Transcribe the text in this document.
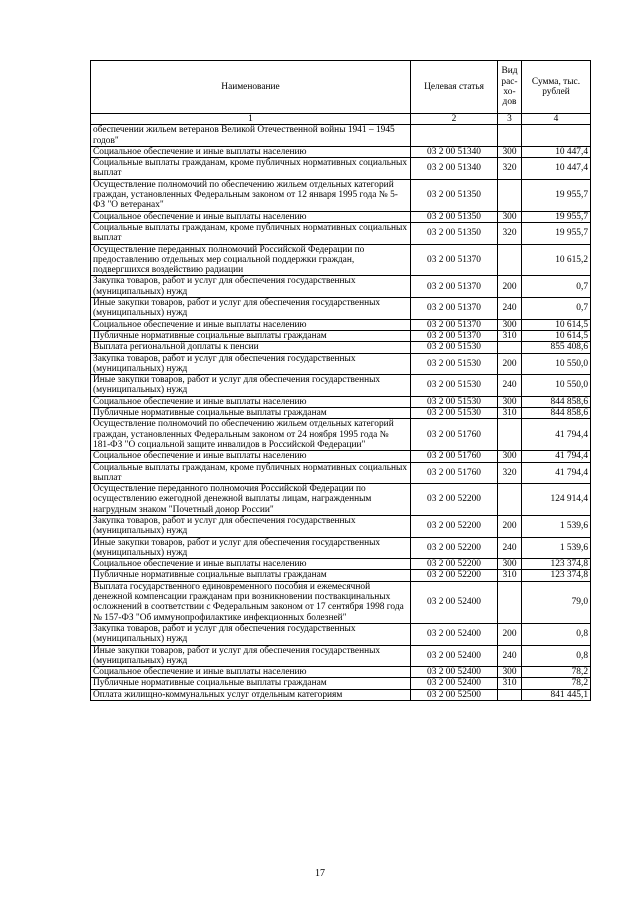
Наименование	Целевая статья	Вид рас-хо-дов	Сумма, тыс. рублей
1	2	3	4
обеспечении жильем ветеранов Великой Отечественной войны 1941 – 1945 годов"			
Социальное обеспечение и иные выплаты населению	03 2 00 51340	300	10 447,4
Социальные выплаты гражданам, кроме публичных нормативных социальных выплат	03 2 00 51340	320	10 447,4
Осуществление полномочий по обеспечению жильем отдельных категорий граждан, установленных Федеральным законом от 12 января 1995 года № 5-ФЗ "О ветеранах"	03 2 00 51350		19 955,7
Социальное обеспечение и иные выплаты населению	03 2 00 51350	300	19 955,7
Социальные выплаты гражданам, кроме публичных нормативных социальных выплат	03 2 00 51350	320	19 955,7
Осуществление переданных полномочий Российской Федерации по предоставлению отдельных мер социальной поддержки граждан, подвергшихся воздействию радиации	03 2 00 51370		10 615,2
Закупка товаров, работ и услуг для обеспечения государственных (муниципальных) нужд	03 2 00 51370	200	0,7
Иные закупки товаров, работ и услуг для обеспечения государственных (муниципальных) нужд	03 2 00 51370	240	0,7
Социальное обеспечение и иные выплаты населению	03 2 00 51370	300	10 614,5
Публичные нормативные социальные выплаты гражданам	03 2 00 51370	310	10 614,5
Выплата региональной доплаты к пенсии	03 2 00 51530		855 408,6
Закупка товаров, работ и услуг для обеспечения государственных (муниципальных) нужд	03 2 00 51530	200	10 550,0
Иные закупки товаров, работ и услуг для обеспечения государственных (муниципальных) нужд	03 2 00 51530	240	10 550,0
Социальное обеспечение и иные выплаты населению	03 2 00 51530	300	844 858,6
Публичные нормативные социальные выплаты гражданам	03 2 00 51530	310	844 858,6
Осуществление полномочий по обеспечению жильем отдельных категорий граждан, установленных Федеральным законом от 24 ноября 1995 года № 181-ФЗ "О социальной защите инвалидов в Российской Федерации"	03 2 00 51760		41 794,4
Социальное обеспечение и иные выплаты населению	03 2 00 51760	300	41 794,4
Социальные выплаты гражданам, кроме публичных нормативных социальных выплат	03 2 00 51760	320	41 794,4
Осуществление переданного полномочия Российской Федерации по осуществлению ежегодной денежной выплаты лицам, награжденным нагрудным знаком "Почетный донор России"	03 2 00 52200		124 914,4
Закупка товаров, работ и услуг для обеспечения государственных (муниципальных) нужд	03 2 00 52200	200	1 539,6
Иные закупки товаров, работ и услуг для обеспечения государственных (муниципальных) нужд	03 2 00 52200	240	1 539,6
Социальное обеспечение и иные выплаты населению	03 2 00 52200	300	123 374,8
Публичные нормативные социальные выплаты гражданам	03 2 00 52200	310	123 374,8
Выплата государственного единовременного пособия и ежемесячной денежной компенсации гражданам при возникновении поствакцинальных осложнений в соответствии с Федеральным законом от 17 сентября 1998 года № 157-ФЗ "Об иммунопрофилактике инфекционных болезней"	03 2 00 52400		79,0
Закупка товаров, работ и услуг для обеспечения государственных (муниципальных) нужд	03 2 00 52400	200	0,8
Иные закупки товаров, работ и услуг для обеспечения государственных (муниципальных) нужд	03 2 00 52400	240	0,8
Социальное обеспечение и иные выплаты населению	03 2 00 52400	300	78,2
Публичные нормативные социальные выплаты гражданам	03 2 00 52400	310	78,2
Оплата жилищно-коммунальных услуг отдельным категориям	03 2 00 52500		841 445,1
17
